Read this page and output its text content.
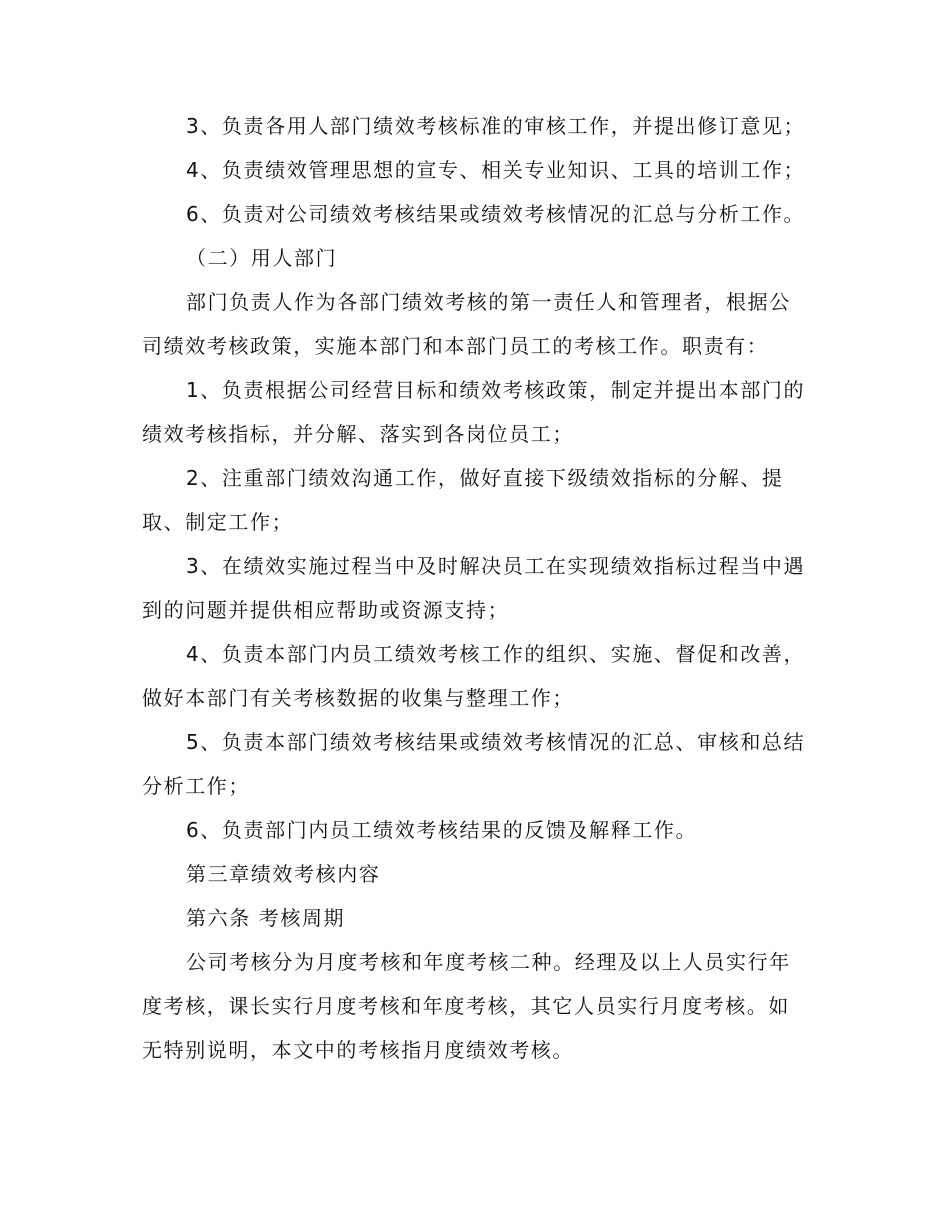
3、负责各用人部门绩效考核标准的审核工作，并提出修订意见；

4、负责绩效管理思想的宣专、相关专业知识、工具的培训工作；

6、负责对公司绩效考核结果或绩效考核情况的汇总与分析工作。

（二）用人部门

部门负责人作为各部门绩效考核的第一责任人和管理者，根据公司绩效考核政策，实施本部门和本部门员工的考核工作。职责有：

1、负责根据公司经营目标和绩效考核政策，制定并提出本部门的绩效考核指标，并分解、落实到各岗位员工；

2、注重部门绩效沟通工作，做好直接下级绩效指标的分解、提取、制定工作；

3、在绩效实施过程当中及时解决员工在实现绩效指标过程当中遇到的问题并提供相应帮助或资源支持；

4、负责本部门内员工绩效考核工作的组织、实施、督促和改善，做好本部门有关考核数据的收集与整理工作；

5、负责本部门绩效考核结果或绩效考核情况的汇总、审核和总结分析工作；

6、负责部门内员工绩效考核结果的反馈及解释工作。

第三章绩效考核内容

第六条 考核周期

公司考核分为月度考核和年度考核二种。经理及以上人员实行年度考核，课长实行月度考核和年度考核，其它人员实行月度考核。如无特别说明，本文中的考核指月度绩效考核。
